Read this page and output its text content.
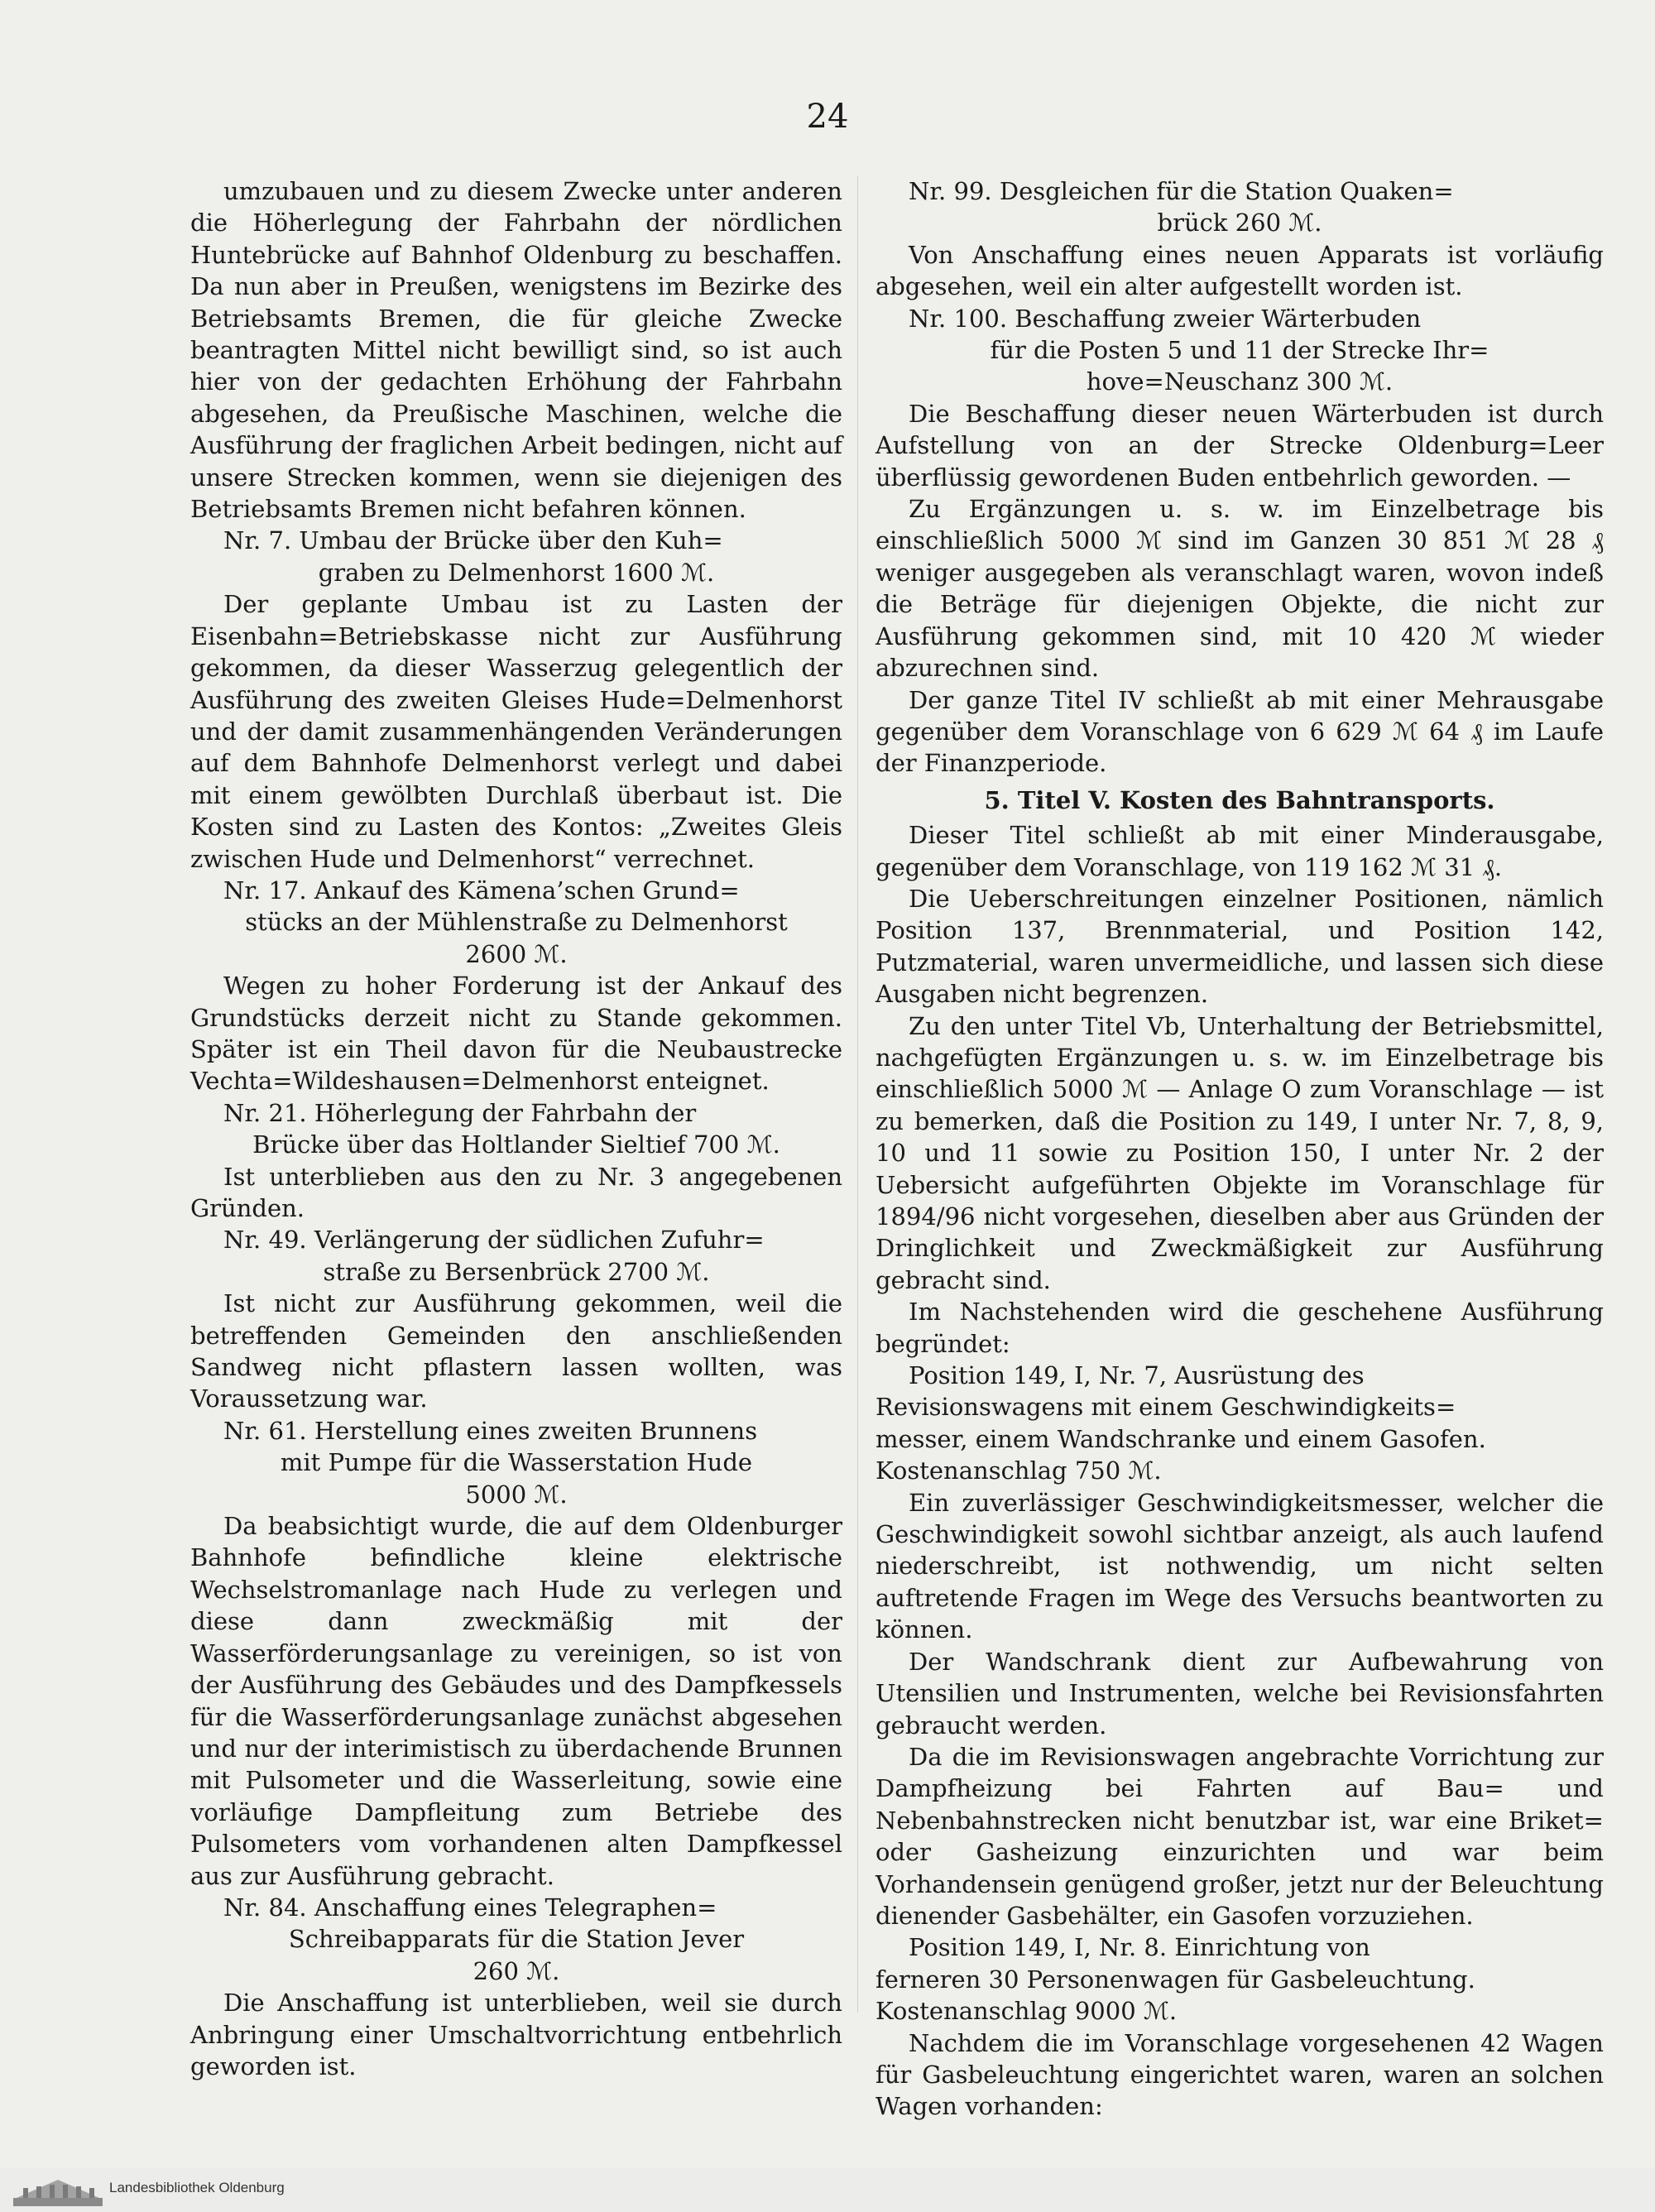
24

umzubauen und zu diesem Zwecke unter anderen die Höherlegung der Fahrbahn der nördlichen Huntebrücke auf Bahnhof Oldenburg zu beschaffen. Da nun aber in Preußen, wenigstens im Bezirke des Betriebsamts Bremen, die für gleiche Zwecke beantragten Mittel nicht bewilligt sind, so ist auch hier von der gedachten Erhöhung der Fahrbahn abgesehen, da Preußische Maschinen, welche die Ausführung der fraglichen Arbeit bedingen, nicht auf unsere Strecken kommen, wenn sie diejenigen des Betriebsamts Bremen nicht befahren können.

Nr. 7. Umbau der Brücke über den Kuh=

graben zu Delmenhorst 1600 ℳ.

Der geplante Umbau ist zu Lasten der Eisenbahn=Betriebskasse nicht zur Ausführung gekommen, da dieser Wasserzug gelegentlich der Ausführung des zweiten Gleises Hude=Delmenhorst und der damit zusammenhängenden Veränderungen auf dem Bahnhofe Delmenhorst verlegt und dabei mit einem gewölbten Durchlaß überbaut ist. Die Kosten sind zu Lasten des Kontos: „Zweites Gleis zwischen Hude und Delmenhorst“ verrechnet.

Nr. 17. Ankauf des Kämena’schen Grund=

stücks an der Mühlenstraße zu Delmenhorst

2600 ℳ.

Wegen zu hoher Forderung ist der Ankauf des Grundstücks derzeit nicht zu Stande gekommen. Später ist ein Theil davon für die Neubaustrecke Vechta=Wildeshausen=Delmenhorst enteignet.

Nr. 21. Höherlegung der Fahrbahn der

Brücke über das Holtlander Sieltief 700 ℳ.

Ist unterblieben aus den zu Nr. 3 angegebenen Gründen.

Nr. 49. Verlängerung der südlichen Zufuhr=

straße zu Bersenbrück 2700 ℳ.

Ist nicht zur Ausführung gekommen, weil die betreffenden Gemeinden den anschließenden Sandweg nicht pflastern lassen wollten, was Voraussetzung war.

Nr. 61. Herstellung eines zweiten Brunnens

mit Pumpe für die Wasserstation Hude

5000 ℳ.

Da beabsichtigt wurde, die auf dem Oldenburger Bahnhofe befindliche kleine elektrische Wechselstromanlage nach Hude zu verlegen und diese dann zweckmäßig mit der Wasserförderungsanlage zu vereinigen, so ist von der Ausführung des Gebäudes und des Dampfkessels für die Wasserförderungsanlage zunächst abgesehen und nur der interimistisch zu überdachende Brunnen mit Pulsometer und die Wasserleitung, sowie eine vorläufige Dampfleitung zum Betriebe des Pulsometers vom vorhandenen alten Dampfkessel aus zur Ausführung gebracht.

Nr. 84. Anschaffung eines Telegraphen=

Schreibapparats für die Station Jever

260 ℳ.

Die Anschaffung ist unterblieben, weil sie durch Anbringung einer Umschaltvorrichtung entbehrlich geworden ist.

Nr. 99. Desgleichen für die Station Quaken=

brück 260 ℳ.

Von Anschaffung eines neuen Apparats ist vorläufig abgesehen, weil ein alter aufgestellt worden ist.

Nr. 100. Beschaffung zweier Wärterbuden

für die Posten 5 und 11 der Strecke Ihr=

hove=Neuschanz 300 ℳ.

Die Beschaffung dieser neuen Wärterbuden ist durch Aufstellung von an der Strecke Oldenburg=Leer überflüssig gewordenen Buden entbehrlich geworden. —

Zu Ergänzungen u. s. w. im Einzelbetrage bis einschließlich 5000 ℳ sind im Ganzen 30 851 ℳ 28 ₰ weniger ausgegeben als veranschlagt waren, wovon indeß die Beträge für diejenigen Objekte, die nicht zur Ausführung gekommen sind, mit 10 420 ℳ wieder abzurechnen sind.

Der ganze Titel IV schließt ab mit einer Mehrausgabe gegenüber dem Voranschlage von 6 629 ℳ 64 ₰ im Laufe der Finanzperiode.

5. Titel V. Kosten des Bahntransports.

Dieser Titel schließt ab mit einer Minderausgabe, gegenüber dem Voranschlage, von 119 162 ℳ 31 ₰.

Die Ueberschreitungen einzelner Positionen, nämlich Position 137, Brennmaterial, und Position 142, Putzmaterial, waren unvermeidliche, und lassen sich diese Ausgaben nicht begrenzen.

Zu den unter Titel Vb, Unterhaltung der Betriebsmittel, nachgefügten Ergänzungen u. s. w. im Einzelbetrage bis einschließlich 5000 ℳ — Anlage O zum Voranschlage — ist zu bemerken, daß die Position zu 149, I unter Nr. 7, 8, 9, 10 und 11 sowie zu Position 150, I unter Nr. 2 der Uebersicht aufgeführten Objekte im Voranschlage für 1894/96 nicht vorgesehen, dieselben aber aus Gründen der Dringlichkeit und Zweckmäßigkeit zur Ausführung gebracht sind.

Im Nachstehenden wird die geschehene Ausführung begründet:

Position 149, I, Nr. 7, Ausrüstung des

Revisionswagens mit einem Geschwindigkeits=

messer, einem Wandschranke und einem Gasofen.

Kostenanschlag 750 ℳ.

Ein zuverlässiger Geschwindigkeitsmesser, welcher die Geschwindigkeit sowohl sichtbar anzeigt, als auch laufend niederschreibt, ist nothwendig, um nicht selten auftretende Fragen im Wege des Versuchs beantworten zu können.

Der Wandschrank dient zur Aufbewahrung von Utensilien und Instrumenten, welche bei Revisionsfahrten gebraucht werden.

Da die im Revisionswagen angebrachte Vorrichtung zur Dampfheizung bei Fahrten auf Bau= und Nebenbahnstrecken nicht benutzbar ist, war eine Briket= oder Gasheizung einzurichten und war beim Vorhandensein genügend großer, jetzt nur der Beleuchtung dienender Gasbehälter, ein Gasofen vorzuziehen.

Position 149, I, Nr. 8. Einrichtung von

ferneren 30 Personenwagen für Gasbeleuchtung.

Kostenanschlag 9000 ℳ.

Nachdem die im Voranschlage vorgesehenen 42 Wagen für Gasbeleuchtung eingerichtet waren, waren an solchen Wagen vorhanden:

Landesbibliothek Oldenburg
